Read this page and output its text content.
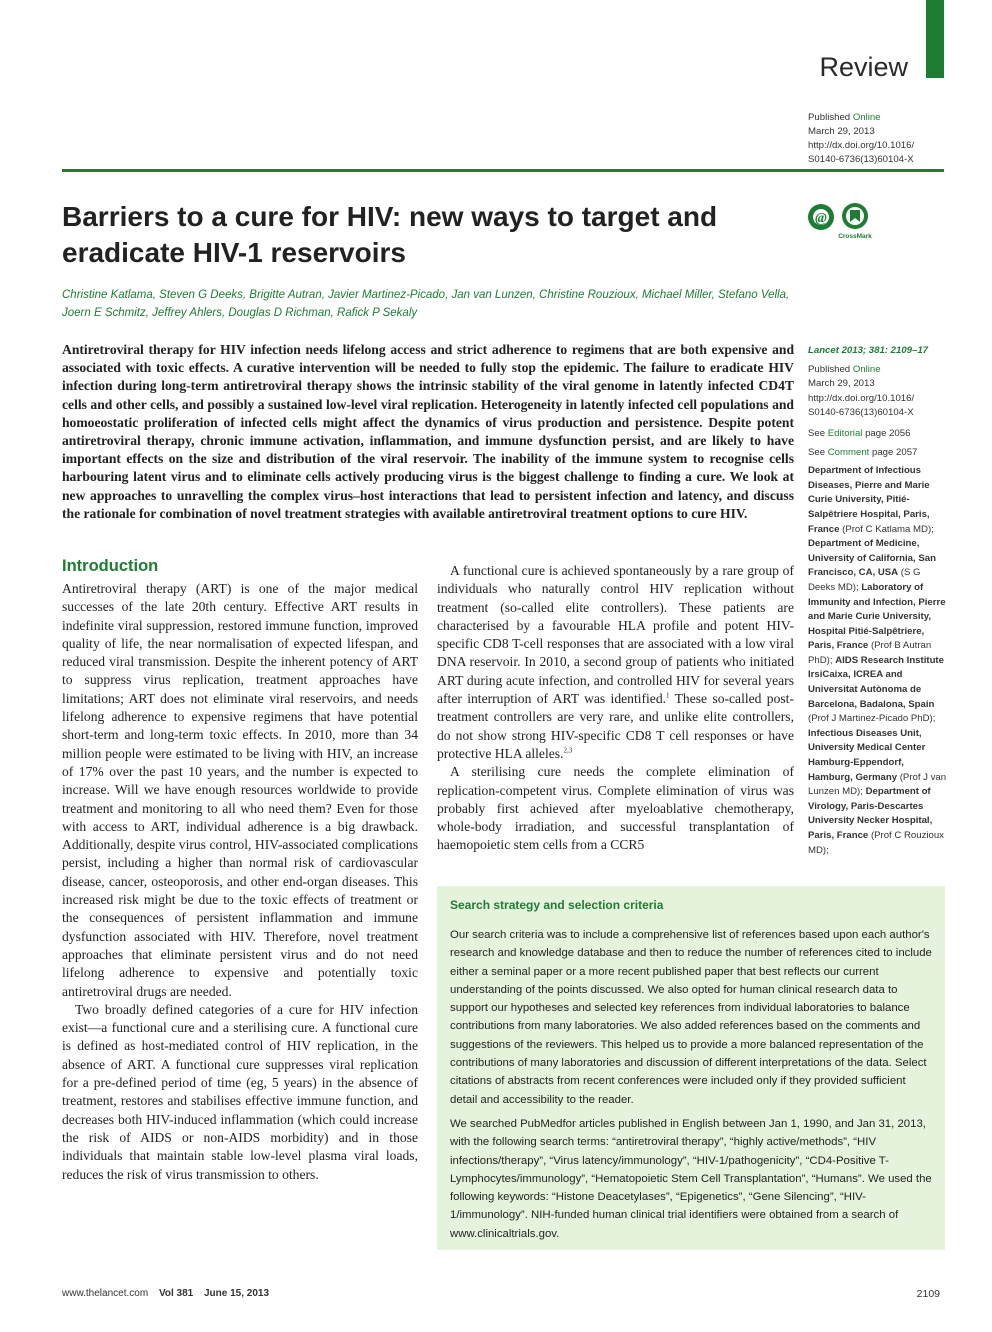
Review
Published Online
March 29, 2013
http://dx.doi.org/10.1016/
S0140-6736(13)60104-X
Barriers to a cure for HIV: new ways to target and eradicate HIV-1 reservoirs
@
CrossMark
Christine Katlama, Steven G Deeks, Brigitte Autran, Javier Martinez-Picado, Jan van Lunzen, Christine Rouzioux, Michael Miller, Stefano Vella,
Joern E Schmitz, Jeffrey Ahlers, Douglas D Richman, Rafick P Sekaly
Antiretroviral therapy for HIV infection needs lifelong access and strict adherence to regimens that are both expensive and associated with toxic effects. A curative intervention will be needed to fully stop the epidemic. The failure to eradicate HIV infection during long-term antiretroviral therapy shows the intrinsic stability of the viral genome in latently infected CD4T cells and other cells, and possibly a sustained low-level viral replication. Heterogeneity in latently infected cell populations and homoeostatic proliferation of infected cells might affect the dynamics of virus production and persistence. Despite potent antiretroviral therapy, chronic immune activation, inflammation, and immune dysfunction persist, and are likely to have important effects on the size and distribution of the viral reservoir. The inability of the immune system to recognise cells harbouring latent virus and to eliminate cells actively producing virus is the biggest challenge to finding a cure. We look at new approaches to unravelling the complex virus–host interactions that lead to persistent infection and latency, and discuss the rationale for combination of novel treatment strategies with available antiretroviral treatment options to cure HIV.

Lancet 2013; 381: 2109–17

Published Online

March 29, 2013

http://dx.doi.org/10.1016/

S0140-6736(13)60104-X

See Editorial page 2056

See Comment page 2057

Department of Infectious Diseases, Pierre and Marie Curie University, Pitié-Salpêtriere Hospital, Paris, France (Prof C Katlama MD); Department of Medicine, University of California, San Francisco, CA, USA (S G Deeks MD); Laboratory of Immunity and Infection, Pierre and Marie Curie University, Hospital Pitié-Salpêtriere, Paris, France (Prof B Autran PhD); AIDS Research Institute IrsiCaixa, ICREA and Universitat Autònoma de Barcelona, Badalona, Spain (Prof J Martinez-Picado PhD); Infectious Diseases Unit, University Medical Center Hamburg-Eppendorf, Hamburg, Germany (Prof J van Lunzen MD); Department of Virology, Paris-Descartes University Necker Hospital, Paris, France (Prof C Rouzioux MD);
Introduction

Antiretroviral therapy (ART) is one of the major medical successes of the late 20th century. Effective ART results in indefinite viral suppression, restored immune function, improved quality of life, the near normalisation of expected lifespan, and reduced viral transmission. Despite the inherent potency of ART to suppress virus replication, treatment approaches have limitations; ART does not eliminate viral reservoirs, and needs lifelong adherence to expensive regimens that have potential short-term and long-term toxic effects. In 2010, more than 34 million people were estimated to be living with HIV, an increase of 17% over the past 10 years, and the number is expected to increase. Will we have enough resources worldwide to provide treatment and monitoring to all who need them? Even for those with access to ART, individual adherence is a big drawback. Additionally, despite virus control, HIV-associated complications persist, including a higher than normal risk of cardiovascular disease, cancer, osteoporosis, and other end-organ diseases. This increased risk might be due to the toxic effects of treatment or the consequences of persistent inflammation and immune dysfunction associated with HIV. Therefore, novel treatment approaches that eliminate persistent virus and do not need lifelong adherence to expensive and potentially toxic antiretroviral drugs are needed.

Two broadly defined categories of a cure for HIV infection exist—a functional cure and a sterilising cure. A functional cure is defined as host-mediated control of HIV replication, in the absence of ART. A functional cure suppresses viral replication for a pre-defined period of time (eg, 5 years) in the absence of treatment, restores and stabilises effective immune function, and decreases both HIV-induced inflammation (which could increase the risk of AIDS or non-AIDS morbidity) and in those individuals that maintain stable low-level plasma viral loads, reduces the risk of virus transmission to others.

A functional cure is achieved spontaneously by a rare group of individuals who naturally control HIV replication without treatment (so-called elite controllers). These patients are characterised by a favourable HLA profile and potent HIV-specific CD8 T-cell responses that are associated with a low viral DNA reservoir. In 2010, a second group of patients who initiated ART during acute infection, and controlled HIV for several years after interruption of ART was identified.$^1$ These so-called post-treatment controllers are very rare, and unlike elite controllers, do not show strong HIV-specific CD8 T cell responses or have protective HLA alleles.$^{2,3}$

A sterilising cure needs the complete elimination of replication-competent virus. Complete elimination of virus was probably first achieved after myeloablative chemotherapy, whole-body irradiation, and successful transplantation of haemopoietic stem cells from a CCR5

Search strategy and selection criteria

Our search criteria was to include a comprehensive list of references based upon each author's research and knowledge database and then to reduce the number of references cited to include either a seminal paper or a more recent published paper that best reflects our current understanding of the points discussed. We also opted for human clinical research data to support our hypotheses and selected key references from individual laboratories to balance contributions from many laboratories. We also added references based on the comments and suggestions of the reviewers. This helped us to provide a more balanced representation of the contributions of many laboratories and discussion of different interpretations of the data. Select citations of abstracts from recent conferences were included only if they provided sufficient detail and accessibility to the reader.

We searched PubMedfor articles published in English between Jan 1, 1990, and Jan 31, 2013, with the following search terms: “antiretroviral therapy”, “highly active/methods”, “HIV infections/therapy”, “Virus latency/immunology”, “HIV-1/pathogenicity”, “CD4-Positive T-Lymphocytes/immunology”, “Hematopoietic Stem Cell Transplantation”, “Humans”. We used the following keywords: “Histone Deacetylases”, “Epigenetics”, “Gene Silencing”, “HIV-1/immunology”. NIH-funded human clinical trial identifiers were obtained from a search of www.clinicaltrials.gov.

www.thelancet.com Vol 381 June 15, 2013	2109
